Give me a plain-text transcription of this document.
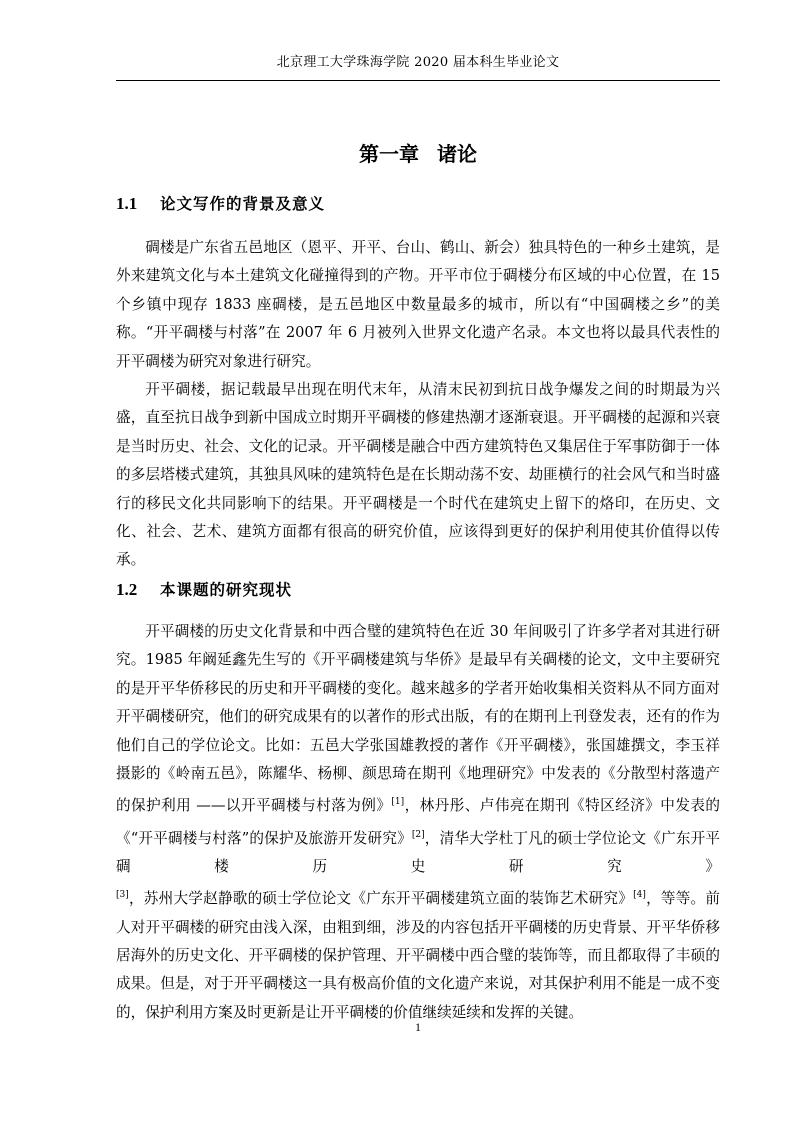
北京理工大学珠海学院 2020 届本科生毕业论文
第一章 诸论
1.1 论文写作的背景及意义

碉楼是广东省五邑地区（恩平、开平、台山、鹤山、新会）独具特色的一种乡土建筑，是外来建筑文化与本土建筑文化碰撞得到的产物。开平市位于碉楼分布区域的中心位置，在 15 个乡镇中现存 1833 座碉楼，是五邑地区中数量最多的城市，所以有“中国碉楼之乡”的美称。“开平碉楼与村落”在 2007 年 6 月被列入世界文化遗产名录。本文也将以最具代表性的开平碉楼为研究对象进行研究。

开平碉楼，据记载最早出现在明代末年，从清末民初到抗日战争爆发之间的时期最为兴盛，直至抗日战争到新中国成立时期开平碉楼的修建热潮才逐渐衰退。开平碉楼的起源和兴衰是当时历史、社会、文化的记录。开平碉楼是融合中西方建筑特色又集居住于军事防御于一体的多层塔楼式建筑，其独具风味的建筑特色是在长期动荡不安、劫匪横行的社会风气和当时盛行的移民文化共同影响下的结果。开平碉楼是一个时代在建筑史上留下的烙印，在历史、文化、社会、艺术、建筑方面都有很高的研究价值，应该得到更好的保护利用使其价值得以传承。

1.2 本课题的研究现状

开平碉楼的历史文化背景和中西合璧的建筑特色在近 30 年间吸引了许多学者对其进行研究。1985 年阚延鑫先生写的《开平碉楼建筑与华侨》是最早有关碉楼的论文，文中主要研究的是开平华侨移民的历史和开平碉楼的变化。越来越多的学者开始收集相关资料从不同方面对开平碉楼研究，他们的研究成果有的以著作的形式出版，有的在期刊上刊登发表，还有的作为他们自己的学位论文。比如：五邑大学张国雄教授的著作《开平碉楼》，张国雄撰文，李玉祥摄影的《岭南五邑》，陈耀华、杨柳、颜思琦在期刊《地理研究》中发表的《分散型村落遗产的保护利用 ——以开平碉楼与村落为例》[1]，林丹彤、卢伟亮在期刊《特区经济》中发表的《“开平碉楼与村落”的保护及旅游开发研究》[2]，清华大学杜丁凡的硕士学位论文《广东开平碉楼历史研究》[3]，苏州大学赵静歌的硕士学位论文《广东开平碉楼建筑立面的装饰艺术研究》[4]，等等。前人对开平碉楼的研究由浅入深，由粗到细，涉及的内容包括开平碉楼的历史背景、开平华侨移居海外的历史文化、开平碉楼的保护管理、开平碉楼中西合璧的装饰等，而且都取得了丰硕的成果。但是，对于开平碉楼这一具有极高价值的文化遗产来说，对其保护利用不能是一成不变的，保护利用方案及时更新是让开平碉楼的价值继续延续和发挥的关键。

1
